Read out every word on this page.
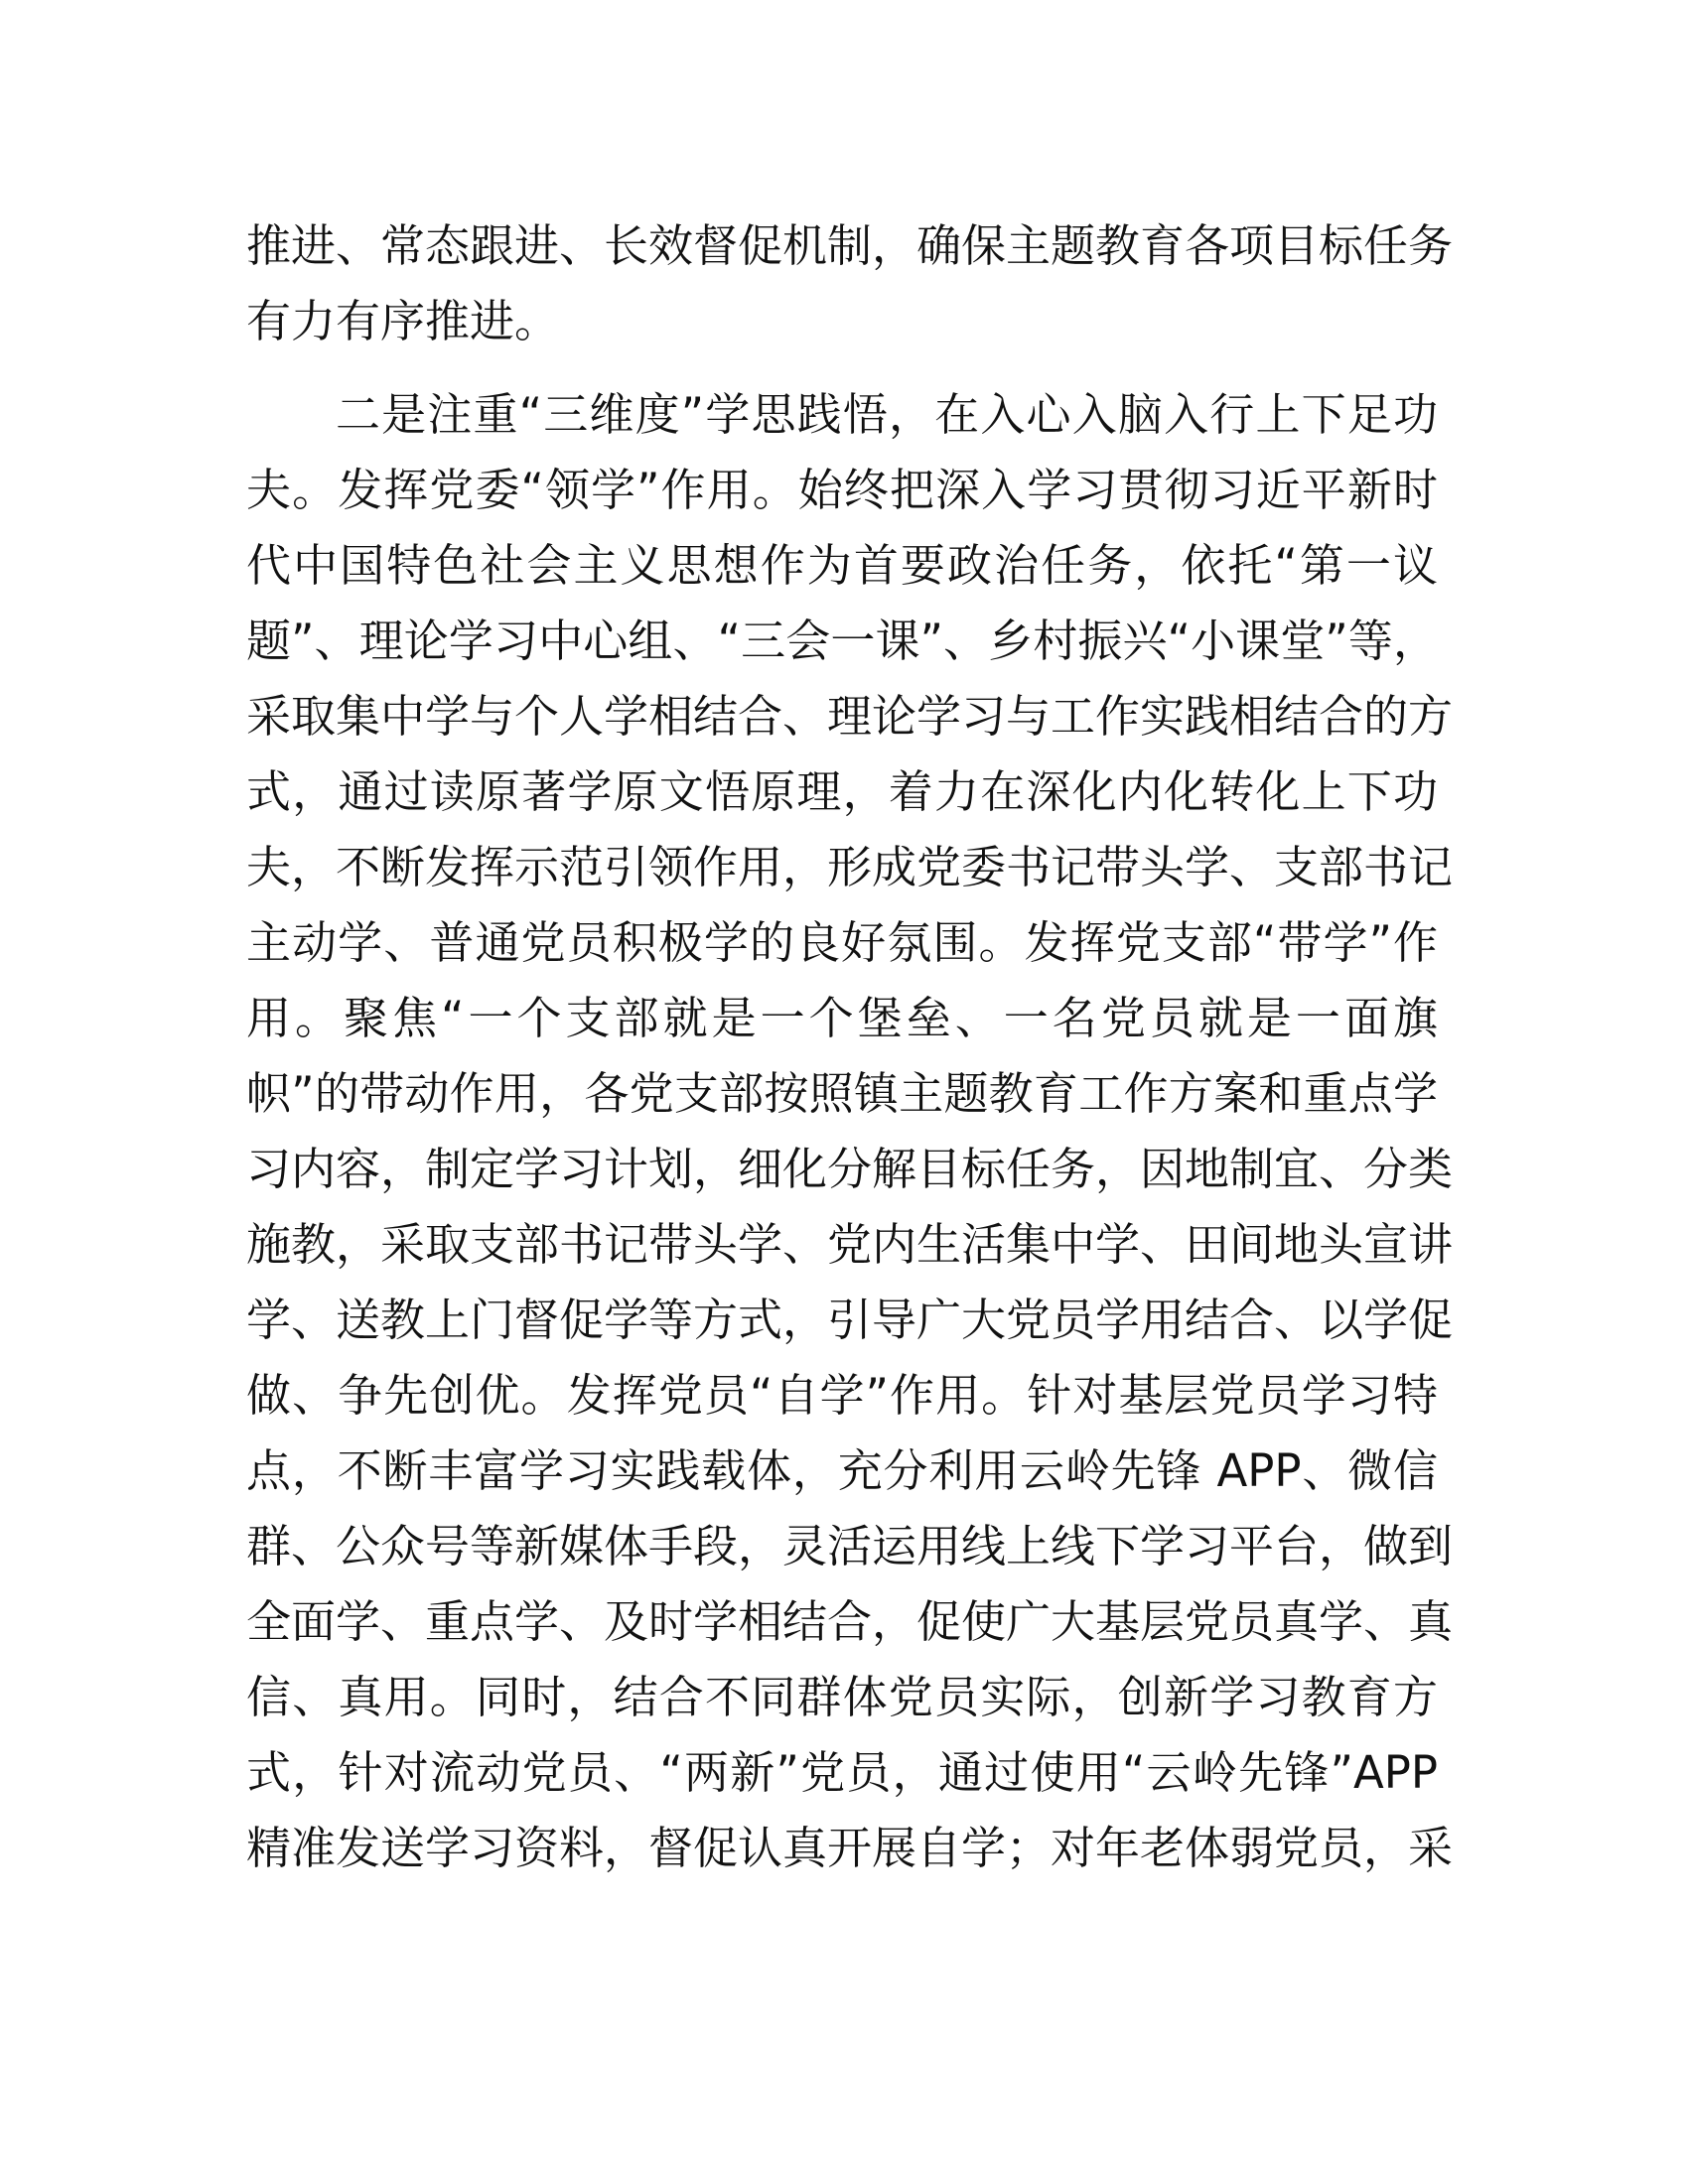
推进、常态跟进、长效督促机制，确保主题教育各项目标任务
有力有序推进。
二是注重“三维度”学思践悟，在入心入脑入行上下足功
夫。发挥党委“领学”作用。始终把深入学习贯彻习近平新时
代中国特色社会主义思想作为首要政治任务，依托“第一议
题”、理论学习中心组、“三会一课”、乡村振兴“小课堂”等，
采取集中学与个人学相结合、理论学习与工作实践相结合的方
式，通过读原著学原文悟原理，着力在深化内化转化上下功
夫，不断发挥示范引领作用，形成党委书记带头学、支部书记
主动学、普通党员积极学的良好氛围。发挥党支部“带学”作
用。聚焦“一个支部就是一个堡垒、一名党员就是一面旗
帜”的带动作用，各党支部按照镇主题教育工作方案和重点学
习内容，制定学习计划，细化分解目标任务，因地制宜、分类
施教，采取支部书记带头学、党内生活集中学、田间地头宣讲
学、送教上门督促学等方式，引导广大党员学用结合、以学促
做、争先创优。发挥党员“自学”作用。针对基层党员学习特
点，不断丰富学习实践载体，充分利用云岭先锋 APP、微信
群、公众号等新媒体手段，灵活运用线上线下学习平台，做到
全面学、重点学、及时学相结合，促使广大基层党员真学、真
信、真用。同时，结合不同群体党员实际，创新学习教育方
式，针对流动党员、“两新”党员，通过使用“云岭先锋”APP
精准发送学习资料，督促认真开展自学；对年老体弱党员，采
